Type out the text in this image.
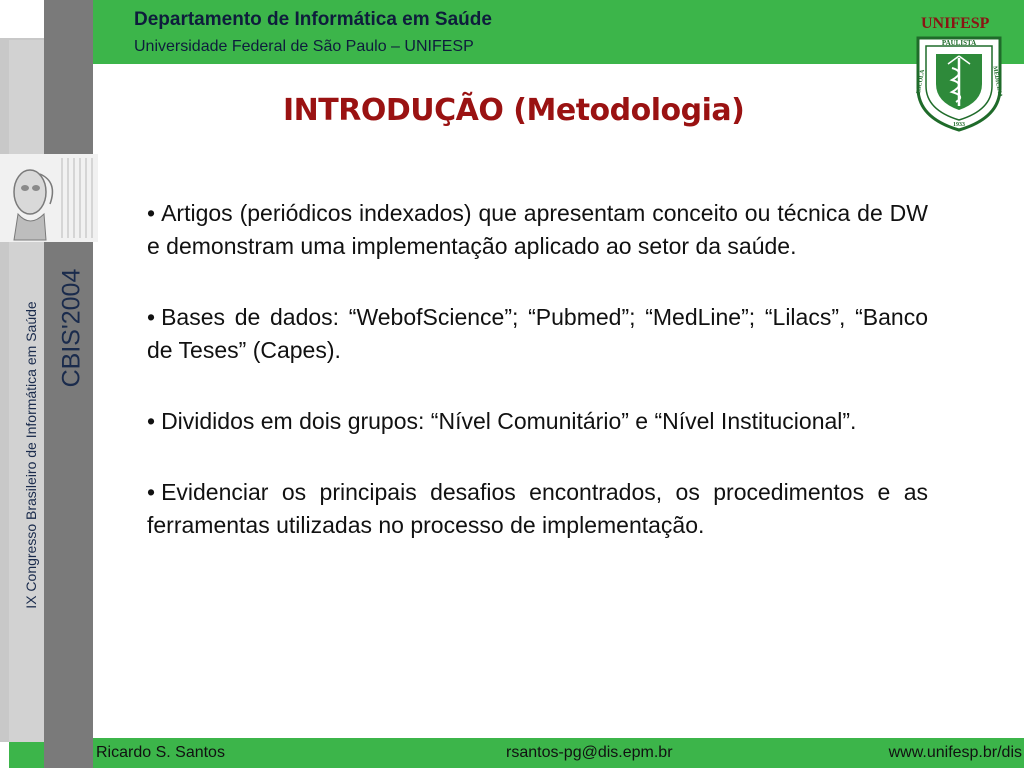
CBIS'2004
IX Congresso Brasileiro de Informática em Saúde
Departamento de Informática em Saúde
Universidade Federal de São Paulo – UNIFESP
UNIFESP
PAULISTA
ESCOLA	MEDICINA
1933
INTRODUÇÃO (Metodologia)

• Artigos (periódicos indexados) que apresentam conceito ou técnica de DW e demonstram uma implementação aplicado ao setor da saúde.

• Bases de dados: “WebofScience”; “Pubmed”; “MedLine”; “Lilacs”, “Banco de Teses” (Capes).

• Divididos em dois grupos: “Nível Comunitário” e “Nível Institucional”.

• Evidenciar os principais desafios encontrados, os procedimentos e as ferramentas utilizadas no processo de implementação.

Ricardo S. Santos	rsantos-pg@dis.epm.br	www.unifesp.br/dis
